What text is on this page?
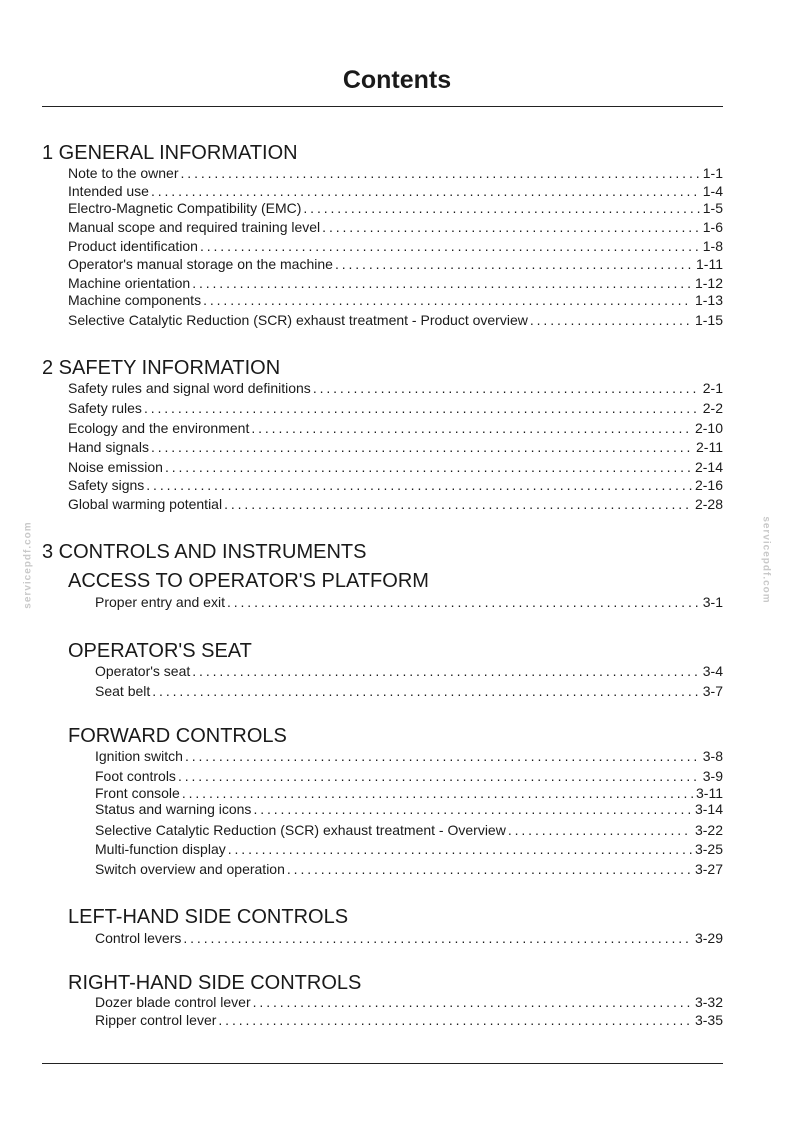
Contents
1 GENERAL INFORMATION
Note to the owner . . .	1-1
Intended use . . .	1-4
Electro-Magnetic Compatibility (EMC) . . .	1-5
Manual scope and required training level . . .	1-6
Product identification . . .	1-8
Operator's manual storage on the machine . . .	1-11
Machine orientation . . .	1-12
Machine components . . .	1-13
Selective Catalytic Reduction (SCR) exhaust treatment - Product overview . . .	1-15
2 SAFETY INFORMATION
Safety rules and signal word definitions . . .	2-1
Safety rules . . .	2-2
Ecology and the environment . . .	2-10
Hand signals . . .	2-11
Noise emission . . .	2-14
Safety signs . . .	2-16
Global warming potential . . .	2-28
3 CONTROLS AND INSTRUMENTS
ACCESS TO OPERATOR'S PLATFORM
Proper entry and exit . . .	3-1
OPERATOR'S SEAT
Operator's seat . . .	3-4
Seat belt . . .	3-7
FORWARD CONTROLS
Ignition switch . . .	3-8
Foot controls . . .	3-9
Front console . . .	3-11
Status and warning icons . . .	3-14
Selective Catalytic Reduction (SCR) exhaust treatment - Overview . . .	3-22
Multi-function display . . .	3-25
Switch overview and operation . . .	3-27
LEFT-HAND SIDE CONTROLS
Control levers . . .	3-29
RIGHT-HAND SIDE CONTROLS
Dozer blade control lever . . .	3-32
Ripper control lever . . .	3-35
servicepdf.com	servicepdf.com
